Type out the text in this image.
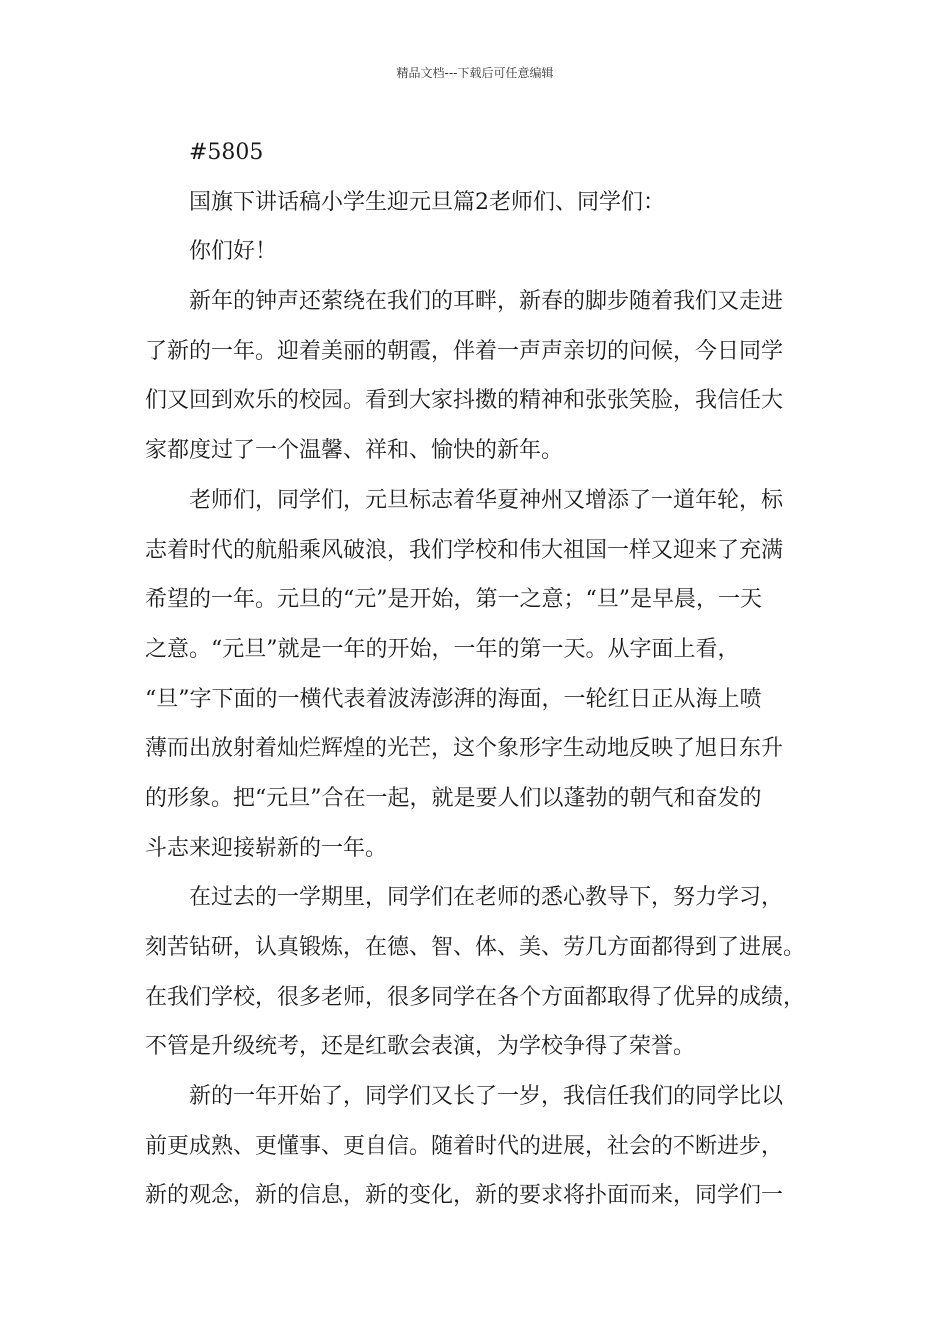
精品文档---下载后可任意编辑
#5805
国旗下讲话稿小学生迎元旦篇2老师们、同学们：
你们好！
新年的钟声还萦绕在我们的耳畔，新春的脚步随着我们又走进
了新的一年。迎着美丽的朝霞，伴着一声声亲切的问候，今日同学
们又回到欢乐的校园。看到大家抖擞的精神和张张笑脸，我信任大
家都度过了一个温馨、祥和、愉快的新年。
老师们，同学们，元旦标志着华夏神州又增添了一道年轮，标
志着时代的航船乘风破浪，我们学校和伟大祖国一样又迎来了充满
希望的一年。元旦的“元”是开始，第一之意；“旦”是早晨，一天
之意。“元旦”就是一年的开始，一年的第一天。从字面上看，
“旦”字下面的一横代表着波涛澎湃的海面，一轮红日正从海上喷
薄而出放射着灿烂辉煌的光芒，这个象形字生动地反映了旭日东升
的形象。把“元旦”合在一起，就是要人们以蓬勃的朝气和奋发的
斗志来迎接崭新的一年。
在过去的一学期里，同学们在老师的悉心教导下，努力学习，
刻苦钻研，认真锻炼，在德、智、体、美、劳几方面都得到了进展。
在我们学校，很多老师，很多同学在各个方面都取得了优异的成绩，
不管是升级统考，还是红歌会表演，为学校争得了荣誉。
新的一年开始了，同学们又长了一岁，我信任我们的同学比以
前更成熟、更懂事、更自信。随着时代的进展，社会的不断进步，
新的观念，新的信息，新的变化，新的要求将扑面而来，同学们一
